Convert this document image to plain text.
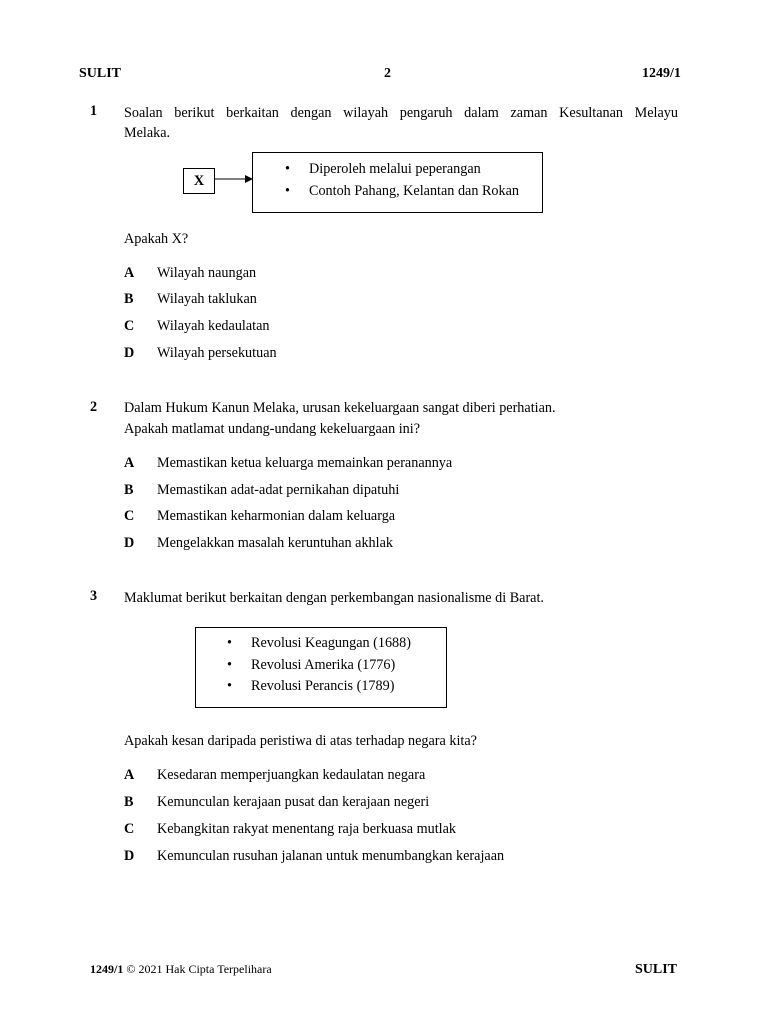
SULIT	2	1249/1
1 Soalan berikut berkaitan dengan wilayah pengaruh dalam zaman Kesultanan Melayu
Melaka.
X
• Diperoleh melalui peperangan
• Contoh Pahang, Kelantan dan Rokan
Apakah X?
A Wilayah naungan
B Wilayah taklukan
C Wilayah kedaulatan
D Wilayah persekutuan
2 Dalam Hukum Kanun Melaka, urusan kekeluargaan sangat diberi perhatian.
Apakah matlamat undang-undang kekeluargaan ini?
A Memastikan ketua keluarga memainkan peranannya
B Memastikan adat-adat pernikahan dipatuhi
C Memastikan keharmonian dalam keluarga
D Mengelakkan masalah keruntuhan akhlak
3 Maklumat berikut berkaitan dengan perkembangan nasionalisme di Barat.
• Revolusi Keagungan (1688)
• Revolusi Amerika (1776)
• Revolusi Perancis (1789)
Apakah kesan daripada peristiwa di atas terhadap negara kita?
A Kesedaran memperjuangkan kedaulatan negara
B Kemunculan kerajaan pusat dan kerajaan negeri
C Kebangkitan rakyat menentang raja berkuasa mutlak
D Kemunculan rusuhan jalanan untuk menumbangkan kerajaan
1249/1 © 2021 Hak Cipta Terpelihara	SULIT
